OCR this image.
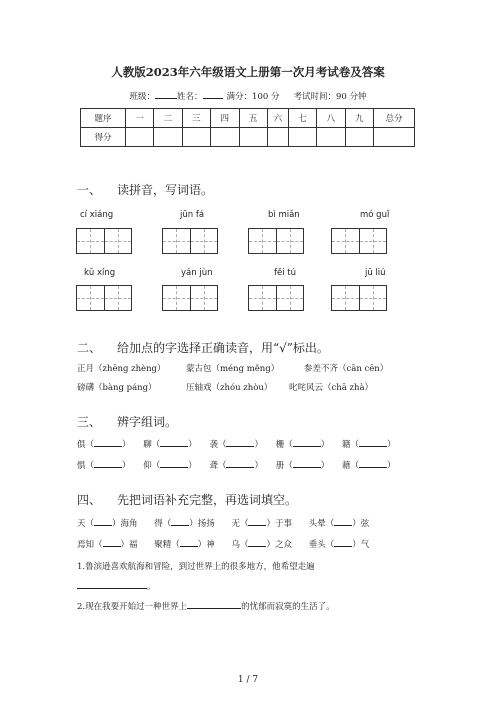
人教版2023年六年级语文上册第一次月考试卷及答案
班级：	姓名：	满分：100 分 考试时间：90 分钟
题序	一	二	三	四	五	六	七	八	九	总分
得分										
一、 读拼音，写词语。
cí xiáng	jūn fá	bì miǎn	mó guǐ
kǔ xíng	yán jùn	fěi tú	jū liú
二、 给加点的字选择正确读音，用“√”标出。
正月（zhēng zhèng） 蒙古包（méng měng）	参差不齐（cān cēn）
磅礴（bàng páng）	压轴戏（zhóu zhòu） 叱咤风云（chā zhà）
三、 辨字组词。
俱（	） 聊（	） 袭（	） 栅（	） 籍（	）
惧（	） 仰（	） 聋（	） 册（	） 藉（	）
四、 先把词语补充完整，再选词填空。
天（ ）海角 得（ ）扬扬 无（ ）于事 头晕（ ）弦
焉知（ ）福 聚精（ ）神 乌（ ）之众 垂头（ ）气
1.鲁滨逊喜欢航海和冒险，到过世界上的很多地方，他希望走遍
。
2.现在我要开始过一种世界上	的忧郁而寂寞的生活了。
1 / 7
